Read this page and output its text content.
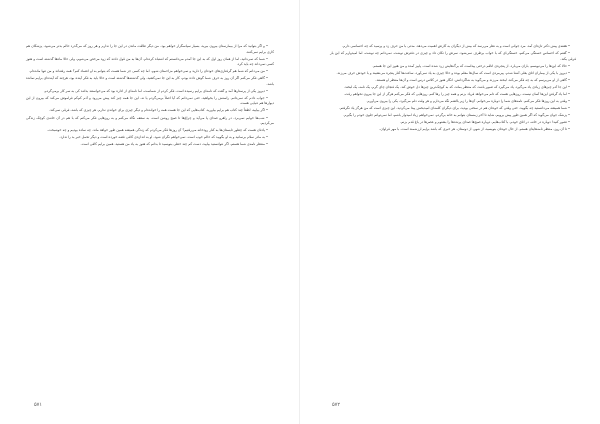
• و اگر بتوانید که مرا از بیمارستان بیرون ببرید، بسیار سپاسگزار خواهم بود. من دیگر طاقت ماندن در این جا را ندارم و هر روز که می‌گذرد حالم بدتر می‌شود. پزشکان هم کاری برایم نمی‌کنند.

• شما که نمی‌دانید، اما از همان روز اول که به این جا آمدم می‌دانستم که اشتباه کرده‌ام. آن‌ها به من قول دادند که زود مرخص می‌شوم، ولی حالا ماه‌ها گذشته است و هنوز کسی نمی‌داند چه باید کرد.

• من می‌دانم که شما هم گرفتاری‌های خودتان را دارید و نمی‌خواهم مزاحمتان شوم. اما چه کسی جز شما هست که بتوانم به او اعتماد کنم؟ همه رفته‌اند و من تنها مانده‌ام.

• گاهی فکر می‌کنم اگر آن روز به حرف شما گوش داده بودم، کار به این جا نمی‌کشید. ولی گذشته‌ها گذشته است و حالا باید به فکر آینده بود، هرچند که آینده‌ای برایم نمانده باشد.

• دیروز یکی از پرستارها آمد و گفت که نامه‌ای برایم رسیده است. فکر کردم از شماست، اما نامه‌ای از اداره بود که می‌خواستند بدانند کی به سر کار برمی‌گردم.

• جواب دادم که نمی‌دانم. راستش را بخواهید، حتی نمی‌دانم که آیا اصلاً برمی‌گردم یا نه. این جا همه چیز کند پیش می‌رود و آدم کم‌کم فراموش می‌کند که بیرون از این دیوارها هم دنیایی هست.

• اگر بیایید، لطفاً چند کتاب هم برایم بیاورید. کتاب‌هایی که این جا هست همه را خوانده‌ام و دیگر چیزی برای خواندن ندارم. هر چیزی که باشد، فرقی نمی‌کند.

• شب‌ها خوابم نمی‌برد. در راهرو صدای پا می‌آید و چراغ‌ها تا صبح روشن است. به سقف نگاه می‌کنم و به روزهایی فکر می‌کنم که با هم در آن خانه‌ی کوچک زندگی می‌کردیم.

• یادتان هست که چطور تابستان‌ها به کنار رودخانه می‌رفتیم؟ آن روزها فکر می‌کردم که زندگی همیشه همین طور خواهد ماند. چه ساده بودیم و چه خوشبخت.

• به مادر سلام برسانید و به او بگویید که حالم خوب است. نمی‌خواهم نگران شود. او به اندازه‌ی کافی غصه خورده است و دیگر تحمل خبر بد را ندارد.

• منتظر نامه‌ی شما هستم. اگر نتوانستید بیایید، دست کم چند خطی بنویسید تا بدانم که هنوز به یاد من هستید. همین برایم کافی است.

۵۷۱

• هفته‌ی پیش دکتر تازه‌ای آمد. مرد جوانی است و به نظر می‌رسد که بیش از دیگران به کارش اهمیت می‌دهد. مدتی با من حرف زد و پرسید که چه احساسی دارم.

• گفتم که احساس خستگی می‌کنم، خستگی‌ای که با خواب برطرف نمی‌شود. سرش را تکان داد و چیزی در دفترش نوشت. نمی‌دانم چه نوشت، اما امیدوارم که این بار فرقی بکند.

• حالا که این‌ها را می‌نویسم، باران می‌بارد. از پنجره‌ی اتاقم درختی پیداست که برگ‌هایش زرد شده است. پاییز آمده و من هنوز این جا هستم.

• دیروز با یکی از بیماران اتاق بغلی آشنا شدم. پیرمردی است که سال‌ها معلم بوده و حالا چیزی به یاد نمی‌آورد. ساعت‌ها کنار پنجره می‌نشیند و با خودش حرف می‌زند.

• گاهی از او می‌پرسم که به چه فکر می‌کند. لبخند می‌زند و می‌گوید به شاگردانش. انگار هنوز در کلاس درس است و آن‌ها منتظر او هستند.

• این جا آدم چیزهای زیادی یاد می‌گیرد. یاد می‌گیرد که صبور باشد، که منتظر بماند، که به کوچک‌ترین چیزها دل خوش کند. یک فنجان چای گرم، یک نامه، یک لبخند.

• اما یاد گرفتن این‌ها آسان نیست. روزهایی هست که دلم می‌خواهد فریاد بزنم و همه چیز را رها کنم. روزهایی که فکر می‌کنم هرگز از این جا بیرون نخواهم رفت.

• وقتی به این روزها فکر می‌کنم، نامه‌های شما را دوباره می‌خوانم. آن‌ها را زیر بالشم نگه می‌دارم و هر وقت دلم می‌گیرد، یکی را بیرون می‌آورم.

• شما همیشه می‌دانستید چه بگویید. حتی وقتی که خودتان هم در سختی بودید، برای دیگران کلمه‌ای امیدبخش پیدا می‌کردید. این چیزی است که من هرگز یاد نگرفتم.

• پزشک جوان می‌گوید که اگر همین طور پیش برویم، شاید تا آخر زمستان بتوانم به خانه برگردم. نمی‌خواهم زیاد امیدوار باشم، اما نمی‌توانم جلوی خودم را بگیرم.

• تصور کنید! دوباره در خانه، در اتاق خودم، با کتاب‌هایم. دوباره صبح‌ها صدای پرنده‌ها را بشنوم و عصرها در باغ قدم بزنم.

• تا آن روز، منتظر نامه‌هایتان هستم. از حال خودتان بنویسید، از شهر، از دوستان. هر خبری که باشد برایم ارزشمند است. با مهر فراوان.

۵۷۲
